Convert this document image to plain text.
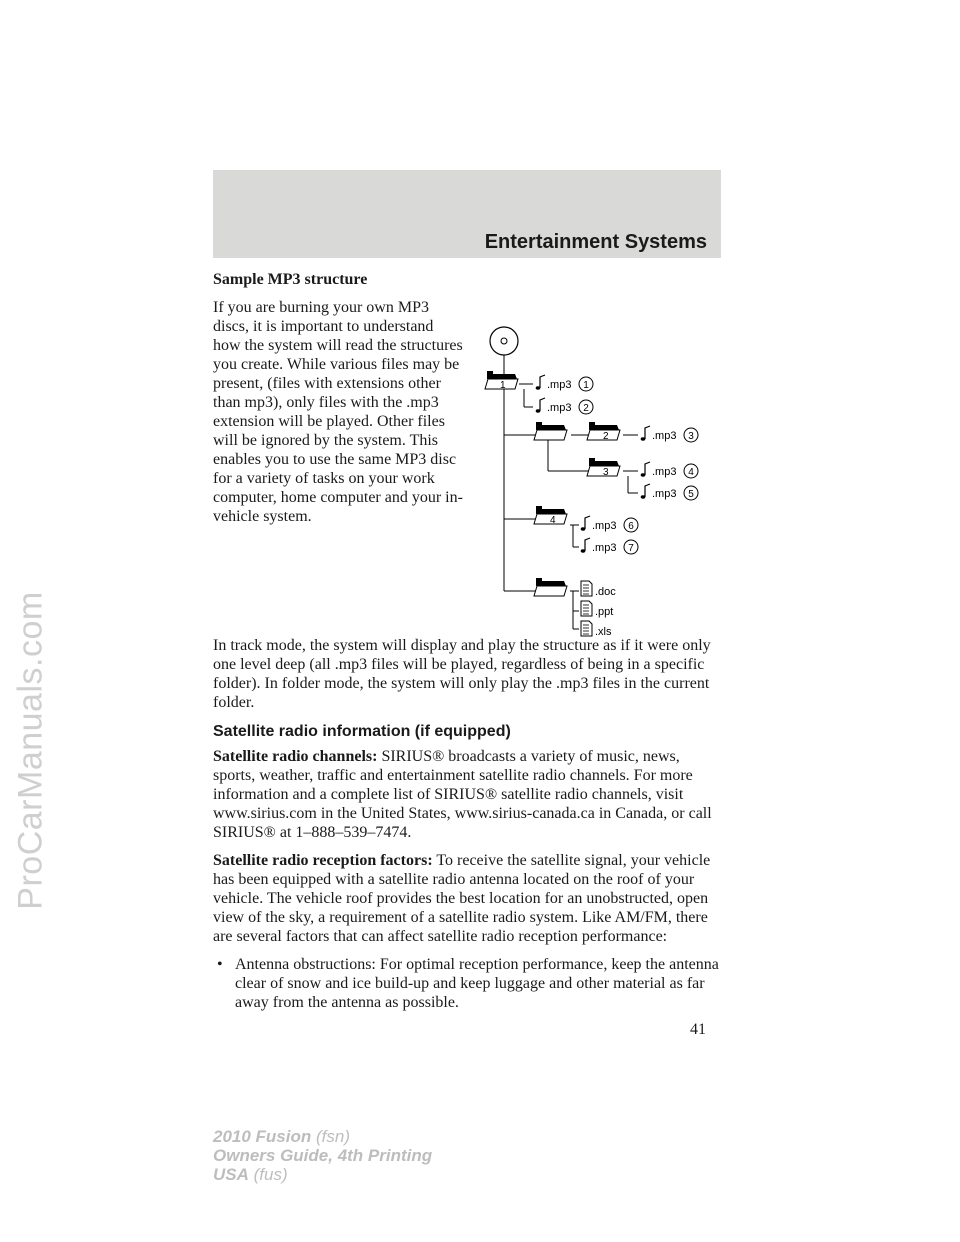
ProCarManuals.com
Entertainment Systems
Sample MP3 structure

If you are burning your own MP3 discs, it is important to understand how the system will read the structures you create. While various files may be present, (files with extensions other than mp3), only files with the .mp3 extension will be played. Other files will be ignored by the system. This enables you to use the same MP3 disc for a variety of tasks on your work computer, home computer and your in-vehicle system.

1
2
3
4
.mp3 1
.mp3 2
.mp3 3
.mp3 4
.mp3 5
.mp3 6
.mp3 7
.doc
.ppt
.xls

In track mode, the system will display and play the structure as if it were only one level deep (all .mp3 files will be played, regardless of being in a specific folder). In folder mode, the system will only play the .mp3 files in the current folder.

Satellite radio information (if equipped)

Satellite radio channels: SIRIUS® broadcasts a variety of music, news, sports, weather, traffic and entertainment satellite radio channels. For more information and a complete list of SIRIUS® satellite radio channels, visit www.sirius.com in the United States, www.sirius-canada.ca in Canada, or call SIRIUS® at 1–888–539–7474.

Satellite radio reception factors: To receive the satellite signal, your vehicle has been equipped with a satellite radio antenna located on the roof of your vehicle. The vehicle roof provides the best location for an unobstructed, open view of the sky, a requirement of a satellite radio system. Like AM/FM, there are several factors that can affect satellite radio reception performance:

• Antenna obstructions: For optimal reception performance, keep the antenna clear of snow and ice build-up and keep luggage and other material as far away from the antenna as possible.
41
2010 Fusion (fsn)
Owners Guide, 4th Printing
USA (fus)
